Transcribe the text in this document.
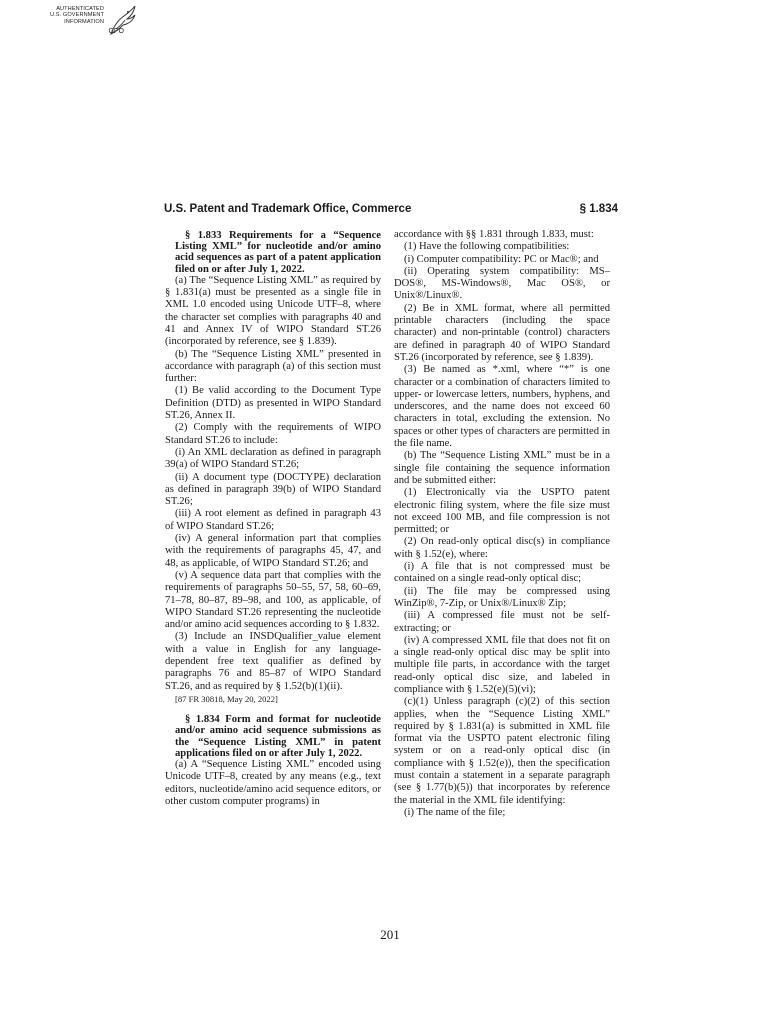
AUTHENTICATED
U.S. GOVERNMENT
INFORMATION
GPO
U.S. Patent and Trademark Office, Commerce	§ 1.834

§ 1.833 Requirements for a “Sequence Listing XML” for nucleotide and/or amino acid sequences as part of a patent application filed on or after July 1, 2022.

(a) The “Sequence Listing XML” as required by § 1.831(a) must be presented as a single file in XML 1.0 encoded using Unicode UTF–8, where the character set complies with paragraphs 40 and 41 and Annex IV of WIPO Standard ST.26 (incorporated by reference, see § 1.839).

(b) The “Sequence Listing XML” presented in accordance with paragraph (a) of this section must further:

(1) Be valid according to the Document Type Definition (DTD) as presented in WIPO Standard ST.26, Annex II.

(2) Comply with the requirements of WIPO Standard ST.26 to include:

(i) An XML declaration as defined in paragraph 39(a) of WIPO Standard ST.26;

(ii) A document type (DOCTYPE) declaration as defined in paragraph 39(b) of WIPO Standard ST.26;

(iii) A root element as defined in paragraph 43 of WIPO Standard ST.26;

(iv) A general information part that complies with the requirements of paragraphs 45, 47, and 48, as applicable, of WIPO Standard ST.26; and

(v) A sequence data part that complies with the requirements of paragraphs 50–55, 57, 58, 60–69, 71–78, 80–87, 89–98, and 100, as applicable, of WIPO Standard ST.26 representing the nucleotide and/or amino acid sequences according to § 1.832.

(3) Include an INSDQualifier_value element with a value in English for any language-dependent free text qualifier as defined by paragraphs 76 and 85–87 of WIPO Standard ST.26, and as required by § 1.52(b)(1)(ii).

[87 FR 30818, May 20, 2022]

§ 1.834 Form and format for nucleotide and/or amino acid sequence submissions as the “Sequence Listing XML” in patent applications filed on or after July 1, 2022.

(a) A “Sequence Listing XML” encoded using Unicode UTF–8, created by any means (e.g., text editors, nucleotide/amino acid sequence editors, or other custom computer programs) in

accordance with §§ 1.831 through 1.833, must:

(1) Have the following compatibilities:

(i) Computer compatibility: PC or Mac®; and

(ii) Operating system compatibility: MS–DOS®, MS-Windows®, Mac OS®, or Unix®/Linux®.

(2) Be in XML format, where all permitted printable characters (including the space character) and non-printable (control) characters are defined in paragraph 40 of WIPO Standard ST.26 (incorporated by reference, see § 1.839).

(3) Be named as *.xml, where “*” is one character or a combination of characters limited to upper- or lowercase letters, numbers, hyphens, and underscores, and the name does not exceed 60 characters in total, excluding the extension. No spaces or other types of characters are permitted in the file name.

(b) The “Sequence Listing XML” must be in a single file containing the sequence information and be submitted either:

(1) Electronically via the USPTO patent electronic filing system, where the file size must not exceed 100 MB, and file compression is not permitted; or

(2) On read-only optical disc(s) in compliance with § 1.52(e), where:

(i) A file that is not compressed must be contained on a single read-only optical disc;

(ii) The file may be compressed using WinZip®, 7-Zip, or Unix®/Linux® Zip;

(iii) A compressed file must not be self-extracting; or

(iv) A compressed XML file that does not fit on a single read-only optical disc may be split into multiple file parts, in accordance with the target read-only optical disc size, and labeled in compliance with § 1.52(e)(5)(vi);

(c)(1) Unless paragraph (c)(2) of this section applies, when the “Sequence Listing XML” required by § 1.831(a) is submitted in XML file format via the USPTO patent electronic filing system or on a read-only optical disc (in compliance with § 1.52(e)), then the specification must contain a statement in a separate paragraph (see § 1.77(b)(5)) that incorporates by reference the material in the XML file identifying:

(i) The name of the file;

201
